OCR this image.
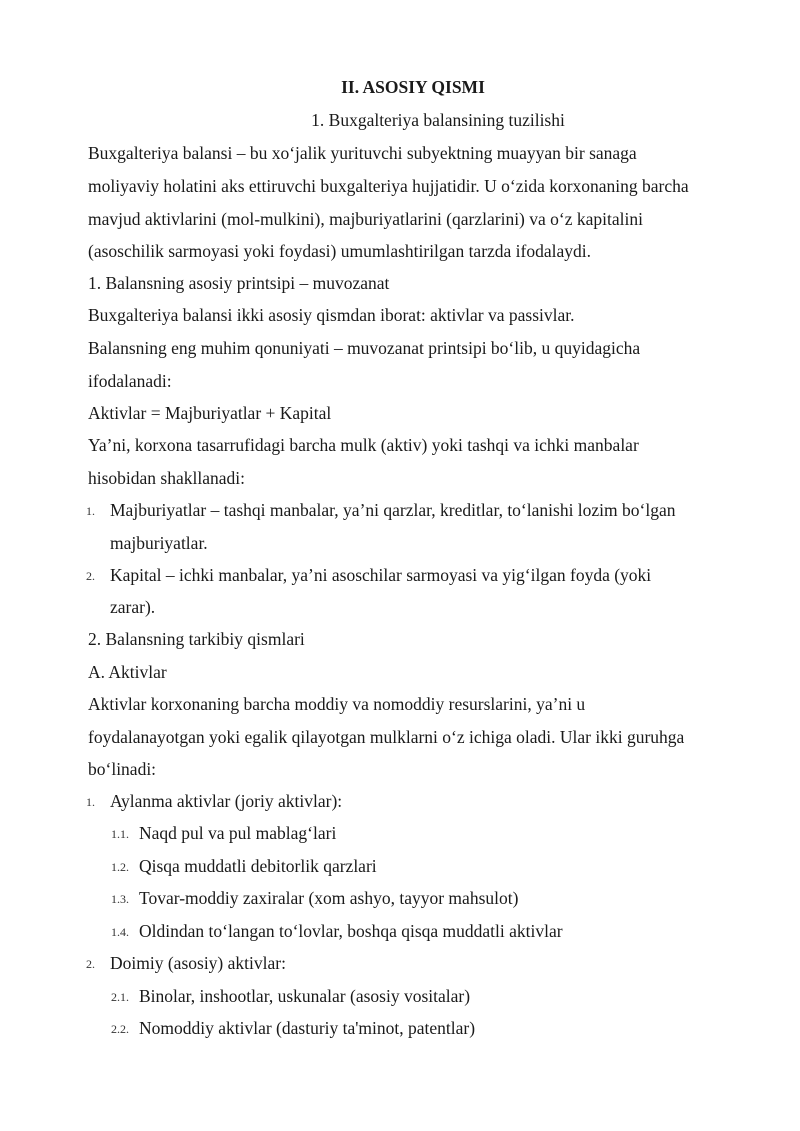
II. ASOSIY QISMI
1. Buxgalteriya balansining tuzilishi
Buxgalteriya balansi – bu xo‘jalik yurituvchi subyektning muayyan bir sanaga
moliyaviy holatini aks ettiruvchi buxgalteriya hujjatidir. U o‘zida korxonaning barcha
mavjud aktivlarini (mol-mulkini), majburiyatlarini (qarzlarini) va o‘z kapitalini
(asoschilik sarmoyasi yoki foydasi) umumlashtirilgan tarzda ifodalaydi.
1. Balansning asosiy printsipi – muvozanat
Buxgalteriya balansi ikki asosiy qismdan iborat: aktivlar va passivlar.
Balansning eng muhim qonuniyati – muvozanat printsipi bo‘lib, u quyidagicha
ifodalanadi:
Aktivlar = Majburiyatlar + Kapital
Ya’ni, korxona tasarrufidagi barcha mulk (aktiv) yoki tashqi va ichki manbalar
hisobidan shakllanadi:
1. Majburiyatlar – tashqi manbalar, ya’ni qarzlar, kreditlar, to‘lanishi lozim bo‘lgan
majburiyatlar.
2. Kapital – ichki manbalar, ya’ni asoschilar sarmoyasi va yig‘ilgan foyda (yoki
zarar).
2. Balansning tarkibiy qismlari
A. Aktivlar
Aktivlar korxonaning barcha moddiy va nomoddiy resurslarini, ya’ni u
foydalanayotgan yoki egalik qilayotgan mulklarni o‘z ichiga oladi. Ular ikki guruhga
bo‘linadi:
1. Aylanma aktivlar (joriy aktivlar):
1.1. Naqd pul va pul mablag‘lari
1.2. Qisqa muddatli debitorlik qarzlari
1.3. Tovar-moddiy zaxiralar (xom ashyo, tayyor mahsulot)
1.4. Oldindan to‘langan to‘lovlar, boshqa qisqa muddatli aktivlar
2. Doimiy (asosiy) aktivlar:
2.1. Binolar, inshootlar, uskunalar (asosiy vositalar)
2.2. Nomoddiy aktivlar (dasturiy ta'minot, patentlar)
